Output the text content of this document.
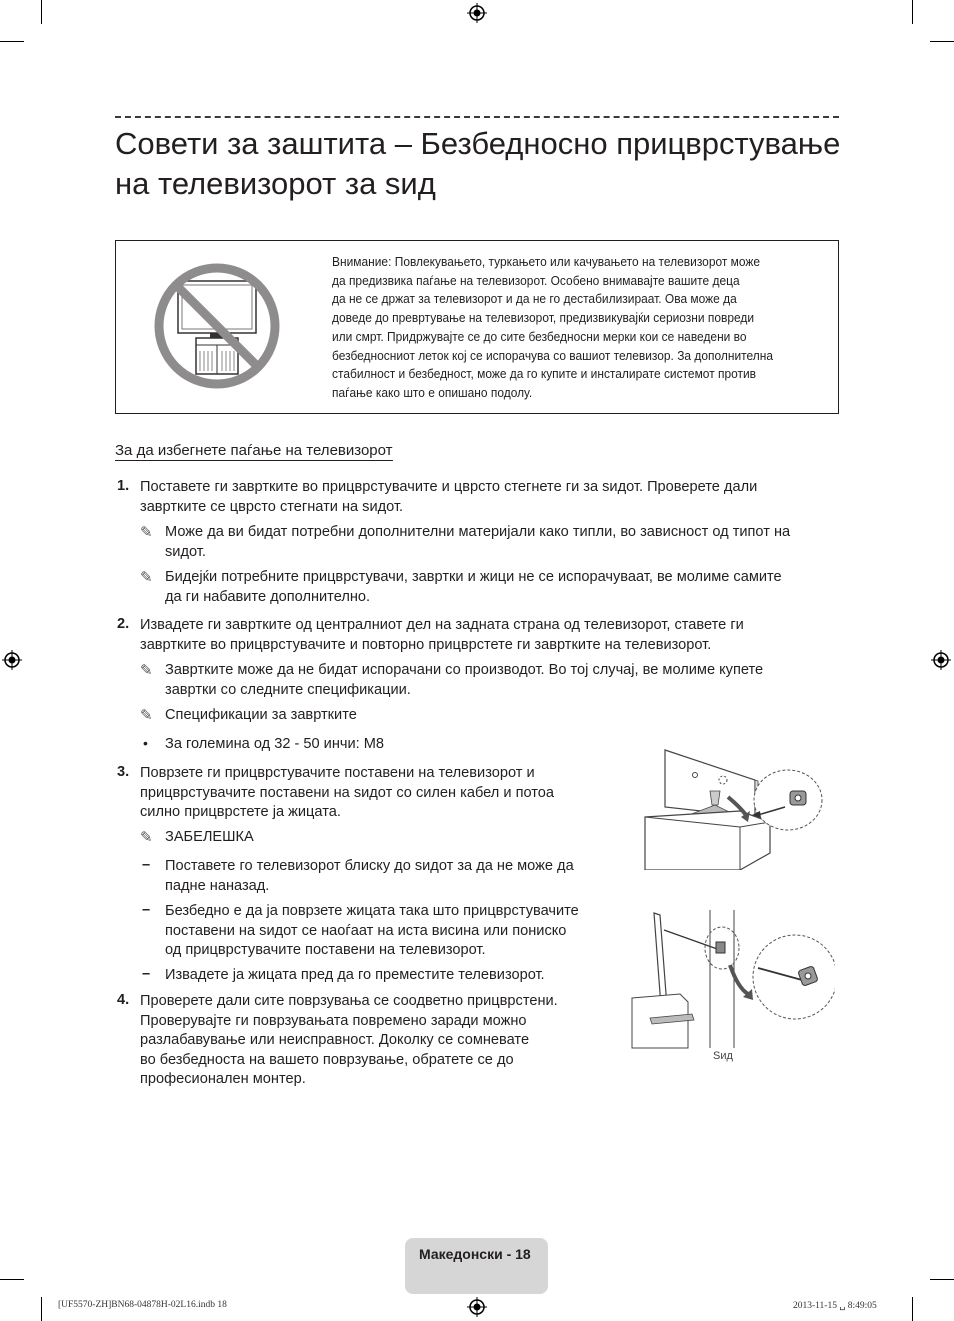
Совети за заштита – Безбедносно прицврстување
на телевизорот за ѕид
Внимание: Повлекувањето, туркањето или качувањето на телевизорот може
да предизвика паѓање на телевизорот. Особено внимавајте вашите деца
да не се држат за телевизорот и да не го дестабилизираат. Ова може да
доведе до превртување на телевизорот, предизвикувајќи сериозни повреди
или смрт. Придржувајте се до сите безбедносни мерки кои се наведени во
безбедносниот леток кој се испорачува со вашиот телевизор. За дополнителна
стабилност и безбедност, може да го купите и инсталирате системот против
паѓање како што е опишано подолу.
За да избегнете паѓање на телевизорот
1. Поставете ги завртките во прицврстувачите и цврсто стегнете ги за ѕидот. Проверете дали
завртките се цврсто стегнати на ѕидот.
✎ Може да ви бидат потребни дополнителни материјали како типли, во зависност од типот на
ѕидот.
✎ Бидејќи потребните прицврстувачи, завртки и жици не се испорачуваат, ве молиме самите
да ги набавите дополнително.
2. Извадете ги завртките од централниот дел на задната страна од телевизорот, ставете ги
завртките во прицврстувачите и повторно прицврстете ги завртките на телевизорот.
✎ Завртките може да не бидат испорачани со производот. Во тој случај, ве молиме купете
завртки со следните спецификации.
✎ Спецификации за завртките
• За големина од 32 - 50 инчи: M8
3. Поврзете ги прицврстувачите поставени на телевизорот и
прицврстувачите поставени на ѕидот со силен кабел и потоа
силно прицврстете ја жицата.
✎ ЗАБЕЛЕШКА
– Поставете го телевизорот блиску до ѕидот за да не може да
падне наназад.
– Безбедно е да ја поврзете жицата така што прицврстувачите
поставени на ѕидот се наоѓаат на иста висина или пониско
од прицврстувачите поставени на телевизорот.
– Извадете ја жицата пред да го преместите телевизорот.
4. Проверете дали сите поврзувања се соодветно прицврстени.
Проверувајте ги поврзувањата повремено заради можно
разлабавување или неисправност. Доколку се сомневате
во безбедноста на вашето поврзување, обратете се до
професионален монтер.
Ѕид
Македонски - 18
[UF5570-ZH]BN68-04878H-02L16.indb 18	2013-11-15 ␣ 8:49:05
